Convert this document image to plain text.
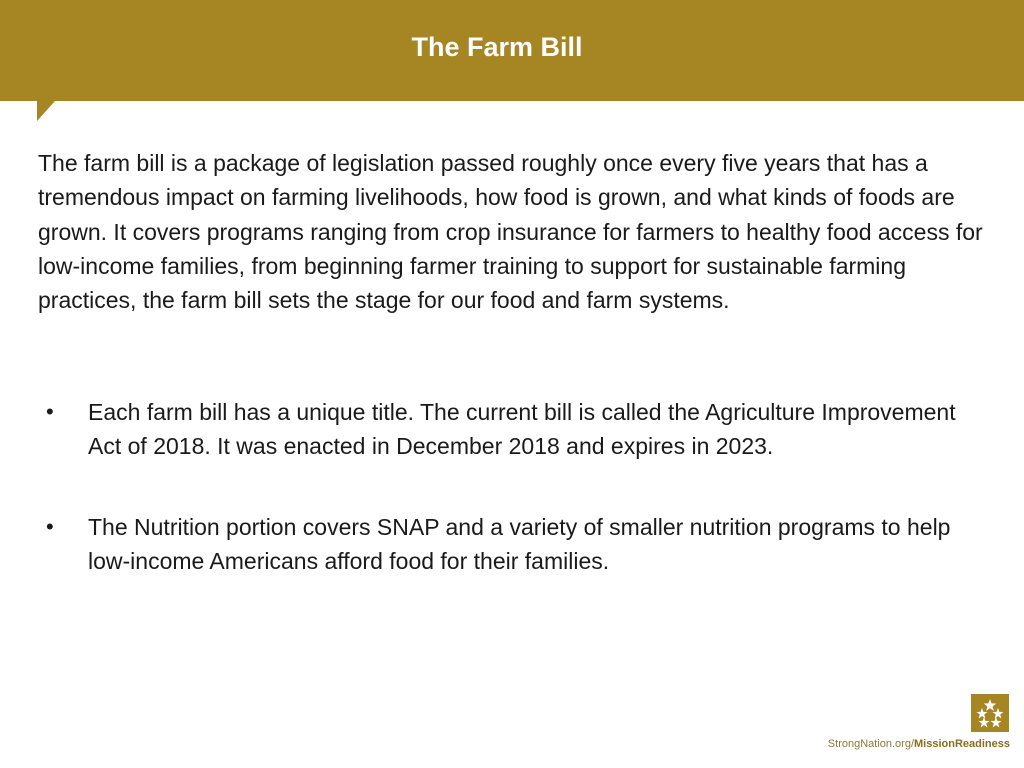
The Farm Bill

The farm bill is a package of legislation passed roughly once every five years that has a tremendous impact on farming livelihoods, how food is grown, and what kinds of foods are grown. It covers programs ranging from crop insurance for farmers to healthy food access for low-income families, from beginning farmer training to support for sustainable farming practices, the farm bill sets the stage for our food and farm systems.

• Each farm bill has a unique title. The current bill is called the Agriculture Improvement Act of 2018. It was enacted in December 2018 and expires in 2023.
• The Nutrition portion covers SNAP and a variety of smaller nutrition programs to help low-income Americans afford food for their families.
StrongNation.org/MissionReadiness
